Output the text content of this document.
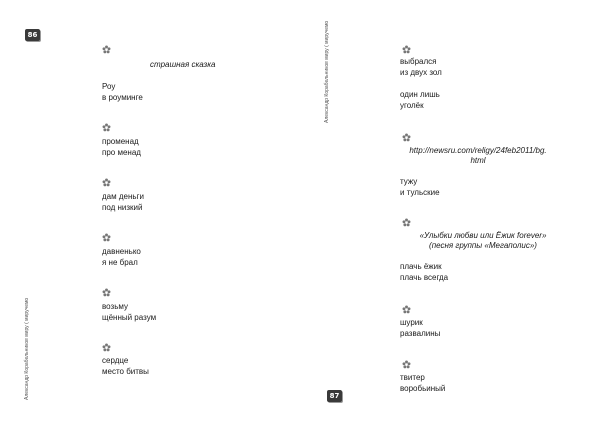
86
Александр Корабельников миру ( миручемо
страшная сказка
Роу
в роуминге
променад
про менад
дам деньги
под низкий
давненько
я не брал
возьму
щённый разум
сердце
место битвы
Александр Корабельников миру ( миручемо	выбрался
из двух зол
один лишь
уголёк
http://newsru.com/religy/24feb2011/bg.
html
тужу
и тульские
«Улыбки любви или Ёжик forever»
(песня группы «Мегаполис»)
плачь ёжик
плачь всегда
шурик
развалины
твитер
воробьиный
87
